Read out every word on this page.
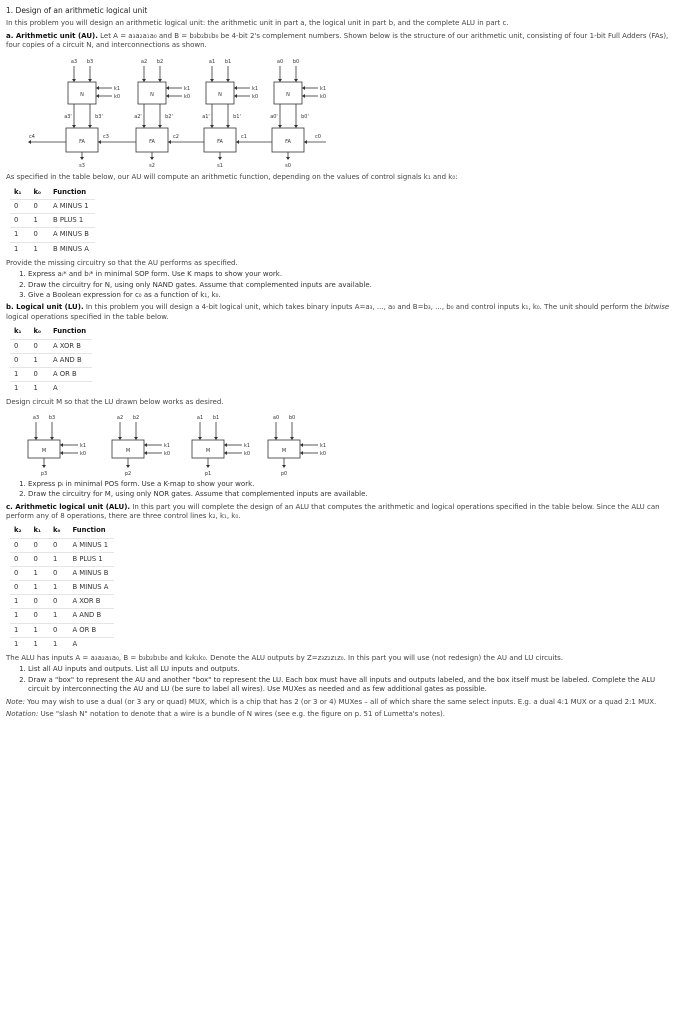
1. Design of an arithmetic logical unit

In this problem you will design an arithmetic logical unit: the arithmetic unit in part a, the logical unit in part b, and the complete ALU in part c.

a. Arithmetic unit (AU). Let A = a₃a₂a₁a₀ and B = b₃b₂b₁b₀ be 4-bit 2's complement numbers. Shown below is the structure of our arithmetic unit, consisting of four 1-bit Full Adders (FAs), four copies of a circuit N, and interconnections as shown.

a3 b3
N
k1
k0
a3'	b3'
FA
s3
a2 b2
N
k1
k0
a2'	b2'
FA
s2
a1 b1
N
k1
k0
a1'	b1'
FA
s1
a0 b0
N
k1
k0
a0'	b0'
FA
s0
c4	c3	c2	c1	c0

As specified in the table below, our AU will compute an arithmetic function, depending on the values of control signals k₁ and k₀:

k₁	k₀	Function
0	0	A MINUS 1
0	1	B PLUS 1
1	0	A MINUS B
1	1	B MINUS A

Provide the missing circuitry so that the AU performs as specified.

1. Express aᵢ* and bᵢ* in minimal SOP form. Use K maps to show your work.
2. Draw the circuitry for N, using only NAND gates. Assume that complemented inputs are available.
3. Give a Boolean expression for c₀ as a function of k₁, k₀.

b. Logical unit (LU). In this problem you will design a 4-bit logical unit, which takes binary inputs A=a₃, ..., a₀ and B=b₃, ..., b₀ and control inputs k₁, k₀. The unit should perform the bitwise logical operations specified in the table below.

k₁	k₀	Function
0	0	A XOR B
0	1	A AND B
1	0	A OR B
1	1	A

Design circuit M so that the LU drawn below works as desired.

a3 b3
M
k1
k0
p3
a2 b2
M
k1
k0
p2
a1 b1
M
k1
k0
p1
a0 b0
M
k1
k0
p0
1. Express pᵢ in minimal POS form. Use a K-map to show your work.
2. Draw the circuitry for M, using only NOR gates. Assume that complemented inputs are available.

c. Arithmetic logical unit (ALU). In this part you will complete the design of an ALU that computes the arithmetic and logical operations specified in the table below. Since the ALU can perform any of 8 operations, there are three control lines k₂, k₁, k₀.

k₂	k₁	k₀	Function
0	0	0	A MINUS 1
0	0	1	B PLUS 1
0	1	0	A MINUS B
0	1	1	B MINUS A
1	0	0	A XOR B
1	0	1	A AND B
1	1	0	A OR B
1	1	1	A

The ALU has inputs A = a₃a₂a₁a₀, B = b₃b₂b₁b₀ and k₂k₁k₀. Denote the ALU outputs by Z=z₃z₂z₁z₀. In this part you will use (not redesign) the AU and LU circuits.

1. List all AU inputs and outputs. List all LU inputs and outputs.
2. Draw a "box" to represent the AU and another "box" to represent the LU. Each box must have all inputs and outputs labeled, and the box itself must be labeled. Complete the ALU circuit by interconnecting the AU and LU (be sure to label all wires). Use MUXes as needed and as few additional gates as possible.

Note: You may wish to use a dual (or 3 ary or quad) MUX, which is a chip that has 2 (or 3 or 4) MUXes – all of which share the same select inputs. E.g. a dual 4:1 MUX or a quad 2:1 MUX.

Notation: Use "slash N" notation to denote that a wire is a bundle of N wires (see e.g. the figure on p. 51 of Lumetta's notes).
